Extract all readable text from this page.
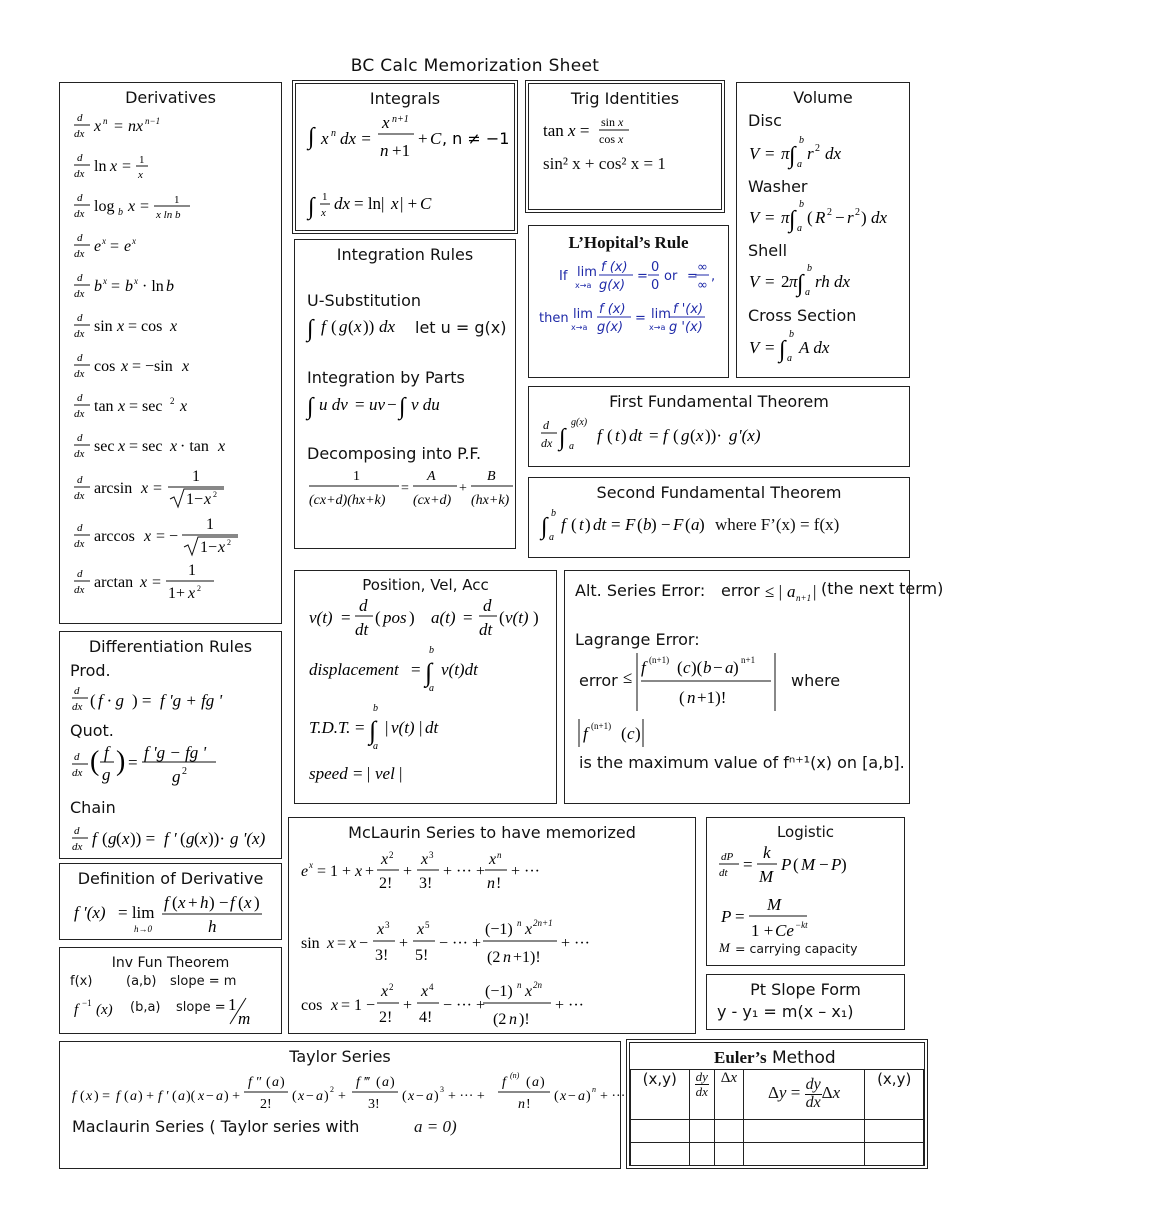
BC Calc Memorization Sheet
Derivatives
d
dx x n = nx n−1
d
dx ln x = 1
x
d
dx log b x = 1
x ln b
d
dx e x = e x
d
dx b x = b x · ln b
d
dx sin x = cos x
d
dx cos x = −sin x
d
dx tan x = sec 2 x
d
dx sec x = sec x · tan x
d
dx arcsin x =
1
1− x 2
d
dx arccos x = −
1
1− x 2
d
dx arctan x =
1
1+ x 2
Integrals
∫ x n dx =
x n+1
n +1
+ C , n ≠ −1
∫ 1
x dx = ln| x | + C
Trig Identities
tan x = sin x
cos x
sin² x + cos² x = 1
Volume
Disc
Washer
Shell
Cross Section
V = π ∫
b
a
r 2 dx
V = π ∫
b
a
( R 2 − r 2 ) dx
V = 2 π ∫
b
a
rh dx
V = ∫
b
a
A dx
L’Hopital’s Rule
If lim
x→a
f (x)
g(x)
=
0
0
or =
∞
∞
,
then lim
x→a
f (x)
g(x)
= lim
x→a
f '(x)
g '(x)
Integration Rules
U-Substitution
Integration by Parts
Decomposing into P.F.
let u = g(x)
∫ f ( g ( x )) dx
∫ u dv = uv − ∫ v du
1
(cx+d)(hx+k)
=
A
(cx+d)
+
B
(hx+k)
First Fundamental Theorem
d
dx ∫
g(x)
a
f ( t ) dt = f ( g ( x ))· g '(x)
Second Fundamental Theorem
∫
b
a
f ( t ) dt = F ( b ) − F ( a ) where F’(x) = f(x)
Position, Vel, Acc
v(t) =
d
dt
( pos ) a(t) =
d
dt
( v(t) )
displacement = ∫
b
a
v(t)dt
T.D.T. = ∫
b
a
| v(t) | dt
speed = | vel |
Alt. Series Error: error ≤ | a n+1 | (the next term)
Lagrange Error:
error ≤
f (n+1) ( c )( b − a ) n+1
( n +1)!
where
f (n+1) ( c )
is the maximum value of fⁿ⁺¹(x) on [a,b].
Differentiation Rules
Prod.
Quot.
Chain
d
dx ( f · g ) = f 'g + fg '
d
dx ( f
g ) =
f 'g − fg '
g 2
d
dx f ( g ( x )) = f ′ ( g ( x ))· g '(x)
Definition of Derivative
f ′(x) = lim
h→0
f ( x + h ) − f ( x )
h
Inv Fun Theorem
f(x)	(a,b) slope = m
f −1 (x) (b,a) slope = 1
m
McLaurin Series to have memorized
e x = 1 + x +
x 2
2!
+
x 3
3!
+ ··· +
x n
n !
+ ···
sin x = x −
x 3
3!
+
x 5
5!
− ··· +
(−1) n x 2n+1
(2 n +1)!
+ ···
cos x = 1 −
x 2
2!
+
x 4
4!
− ··· +
(−1) n x 2n
(2 n )!
+ ···
Logistic
dP
dt =
k
M
P ( M − P )
P =
M
1 + Ce −kt
M = carrying capacity
Pt Slope Form
y - y₁ = m(x – x₁)
Taylor Series
f ( x ) = f ( a ) + f ′ ( a )( x − a ) +
f ″ ( a )
2!
( x − a ) 2 +
f ‴ ( a )
3!
( x − a ) 3 + ··· +
f (n) ( a )
n !
( x − a ) n + ···
Maclaurin Series ( Taylor series with	a = 0)
Euler’s Method
(x,y)	$\frac{dy}{dx}$	Δx	$\Delta y = \frac{dy}{dx}$ Δx	(x,y)
